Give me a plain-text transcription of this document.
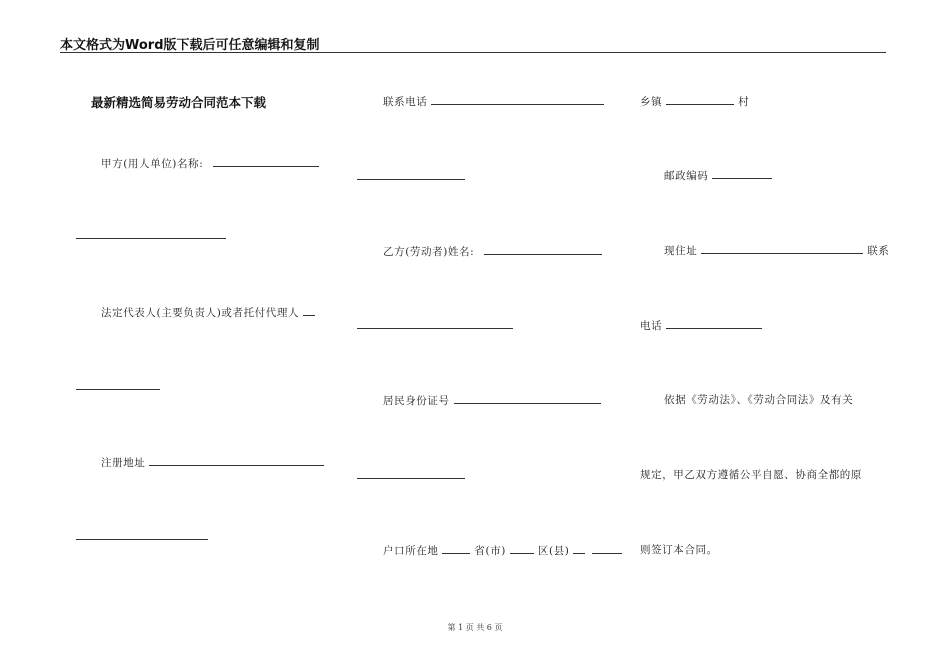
本文格式为Word版下载后可任意编辑和复制
最新精选简易劳动合同范本下载
甲方(用人单位)名称:
法定代表人(主要负责人)或者托付代理人
注册地址
联系电话
乙方(劳动者)姓名:
居民身份证号
户口所在地	省(市)	区(县)
乡镇	村
邮政编码
现住址	联系
电话
依据《劳动法》、《劳动合同法》及有关
规定，甲乙双方遵循公平自愿、协商全都的原
则签订本合同。
第 1 页 共 6 页
